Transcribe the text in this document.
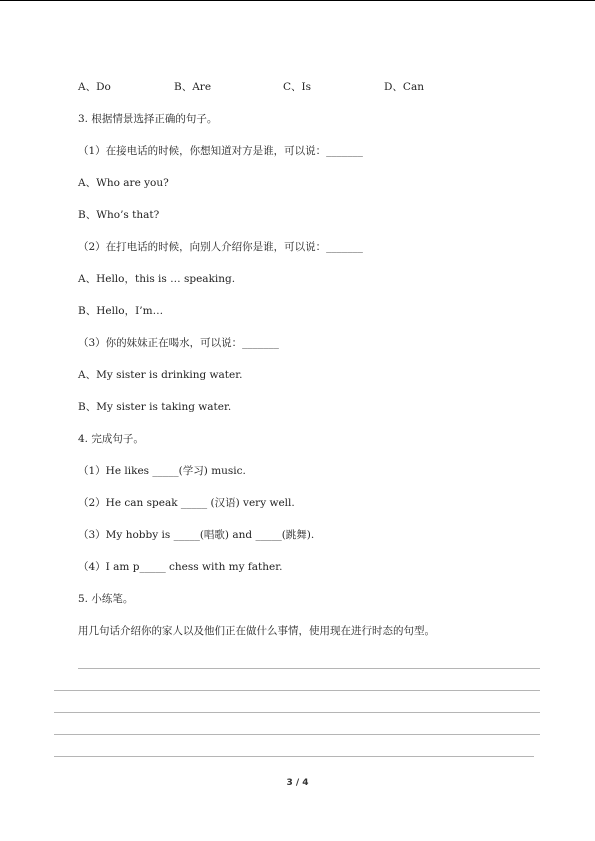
A、Do	B、Are	C、Is	D、Can
3. 根据情景选择正确的句子。
（1）在接电话的时候，你想知道对方是谁，可以说：_______
A、Who are you?
B、Who’s that?
（2）在打电话的时候，向别人介绍你是谁，可以说：_______
A、Hello，this is … speaking.
B、Hello，I’m…
（3）你的妹妹正在喝水，可以说：_______
A、My sister is drinking water.
B、My sister is taking water.
4. 完成句子。
（1）He likes _____(学习) music.
（2）He can speak _____ (汉语) very well.
（3）My hobby is _____(唱歌) and _____(跳舞).
（4）I am p_____ chess with my father.
5. 小练笔。
用几句话介绍你的家人以及他们正在做什么事情，使用现在进行时态的句型。
3 / 4
